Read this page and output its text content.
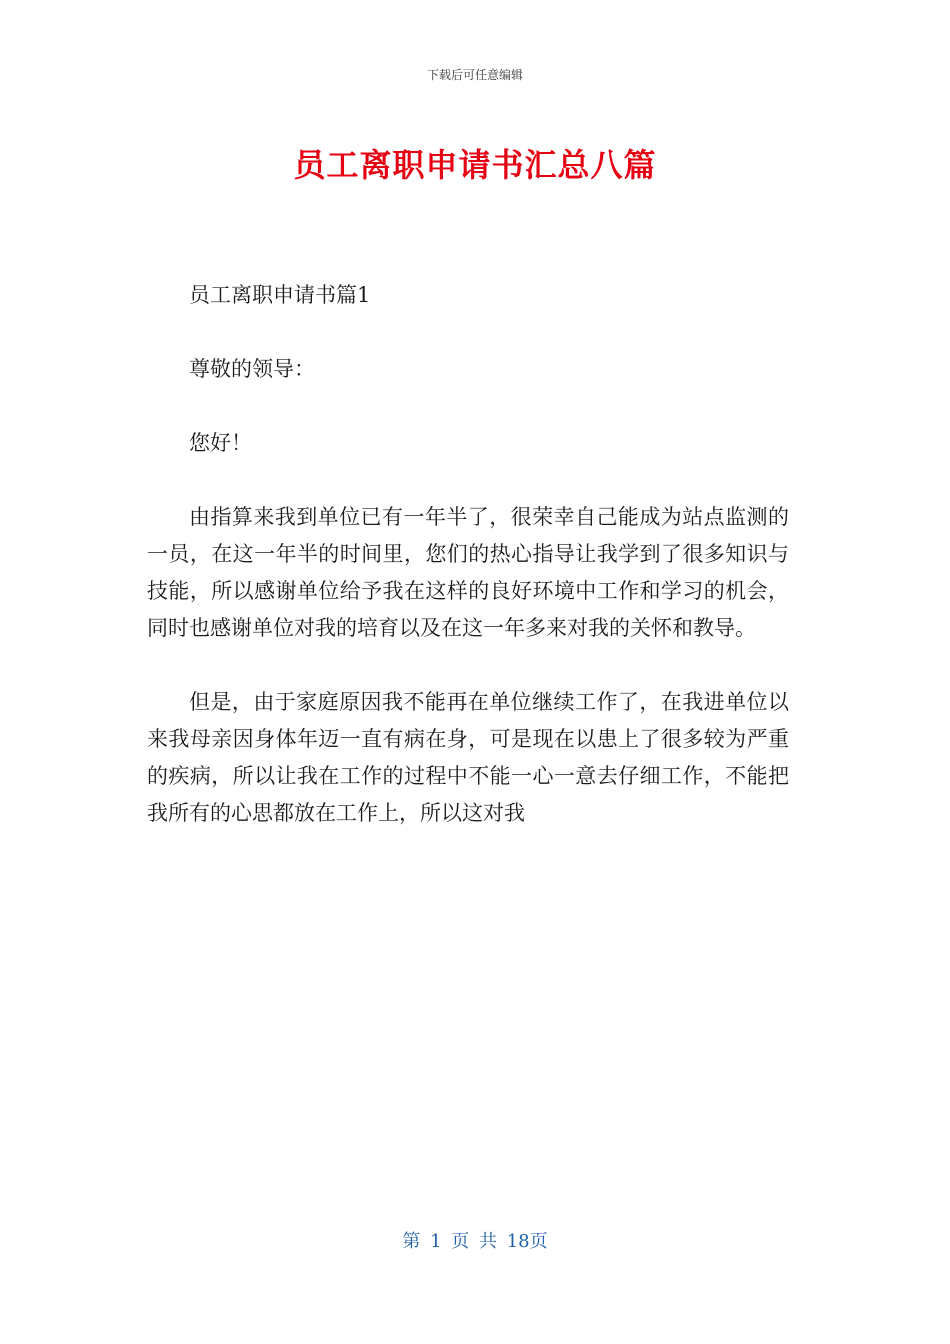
下载后可任意编辑
员工离职申请书汇总八篇

员工离职申请书篇1

尊敬的领导：

您好！

由指算来我到单位已有一年半了，很荣幸自己能成为站点监测的一员，在这一年半的时间里，您们的热心指导让我学到了很多知识与技能，所以感谢单位给予我在这样的良好环境中工作和学习的机会，同时也感谢单位对我的培育以及在这一年多来对我的关怀和教导。

但是，由于家庭原因我不能再在单位继续工作了，在我进单位以来我母亲因身体年迈一直有病在身，可是现在以患上了很多较为严重的疾病，所以让我在工作的过程中不能一心一意去仔细工作，不能把我所有的心思都放在工作上，所以这对我

第 1 页 共 18页
